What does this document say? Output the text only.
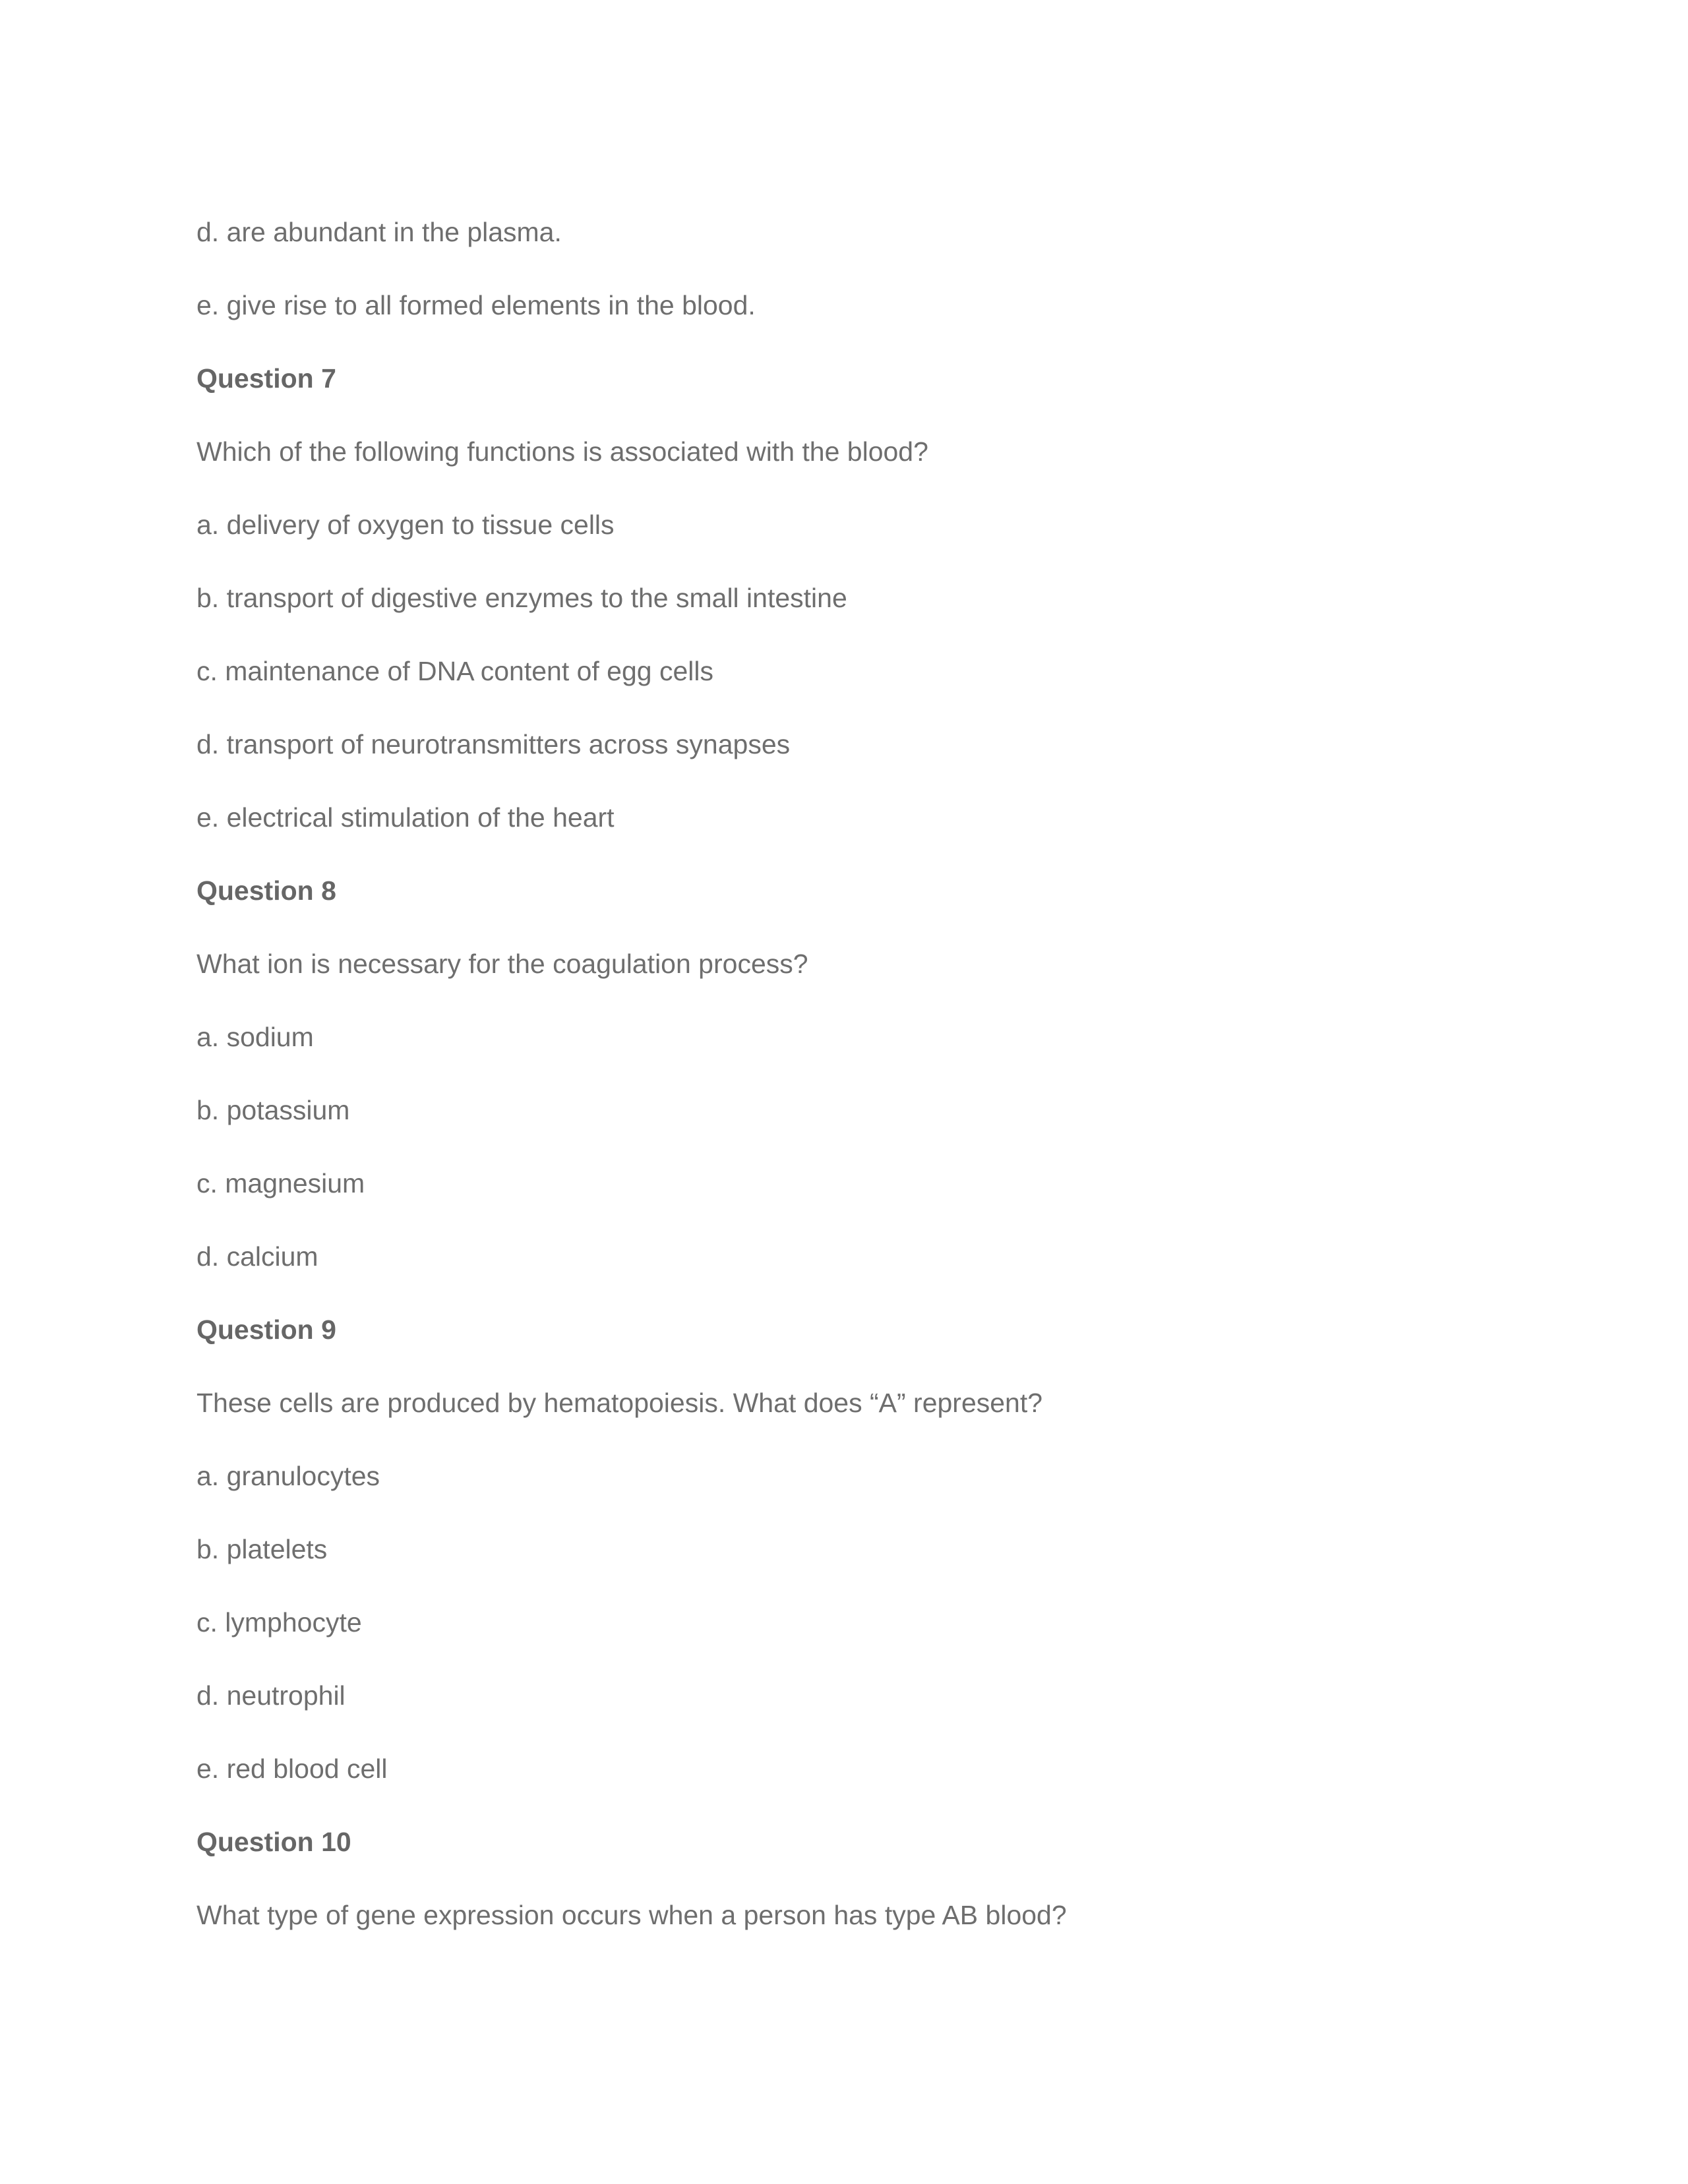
d. are abundant in the plasma.
e. give rise to all formed elements in the blood.
Question 7
Which of the following functions is associated with the blood?
a. delivery of oxygen to tissue cells
b. transport of digestive enzymes to the small intestine
c. maintenance of DNA content of egg cells
d. transport of neurotransmitters across synapses
e. electrical stimulation of the heart
Question 8
What ion is necessary for the coagulation process?
a. sodium
b. potassium
c. magnesium
d. calcium
Question 9
These cells are produced by hematopoiesis. What does “A” represent?
a. granulocytes
b. platelets
c. lymphocyte
d. neutrophil
e. red blood cell
Question 10
What type of gene expression occurs when a person has type AB blood?
